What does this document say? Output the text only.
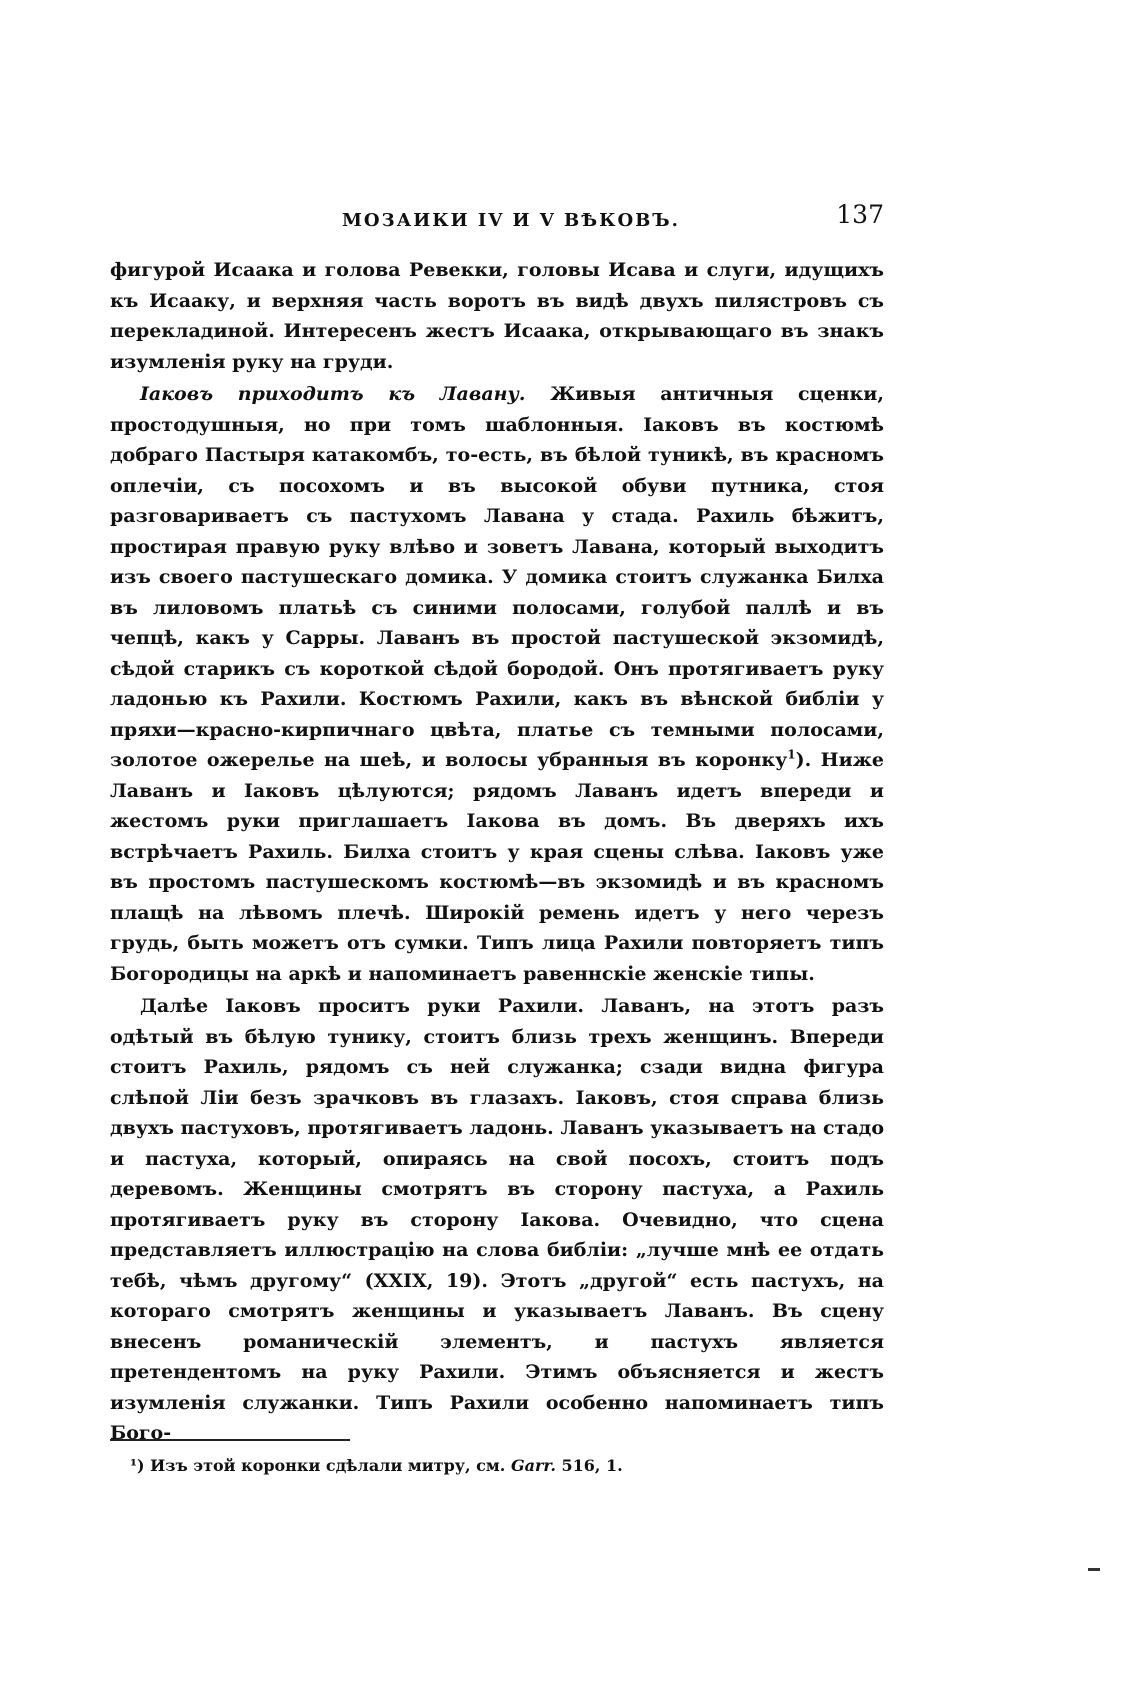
МОЗАИКИ IV И V ВѢКОВЪ.	137

фигурой Исаака и голова Ревекки, головы Исава и слуги, идущихъ къ Исааку, и верхняя часть воротъ въ видѣ двухъ пилястровъ съ перекладиной. Интересенъ жестъ Исаака, открывающаго въ знакъ изумленія руку на груди.

Іаковъ приходитъ къ Лавану. Живыя античныя сценки, простодушныя, но при томъ шаблонныя. Іаковъ въ костюмѣ добраго Пастыря катакомбъ, то-есть, въ бѣлой туникѣ, въ красномъ оплечіи, съ посохомъ и въ высокой обуви путника, стоя разговариваетъ съ пастухомъ Лавана у стада. Рахиль бѣжитъ, простирая правую руку влѣво и зоветъ Лавана, который выходитъ изъ своего пастушескаго домика. У домика стоитъ служанка Билха въ лиловомъ платьѣ съ синими полосами, голубой паллѣ и въ чепцѣ, какъ у Сарры. Лаванъ въ простой пастушеской экзомидѣ, сѣдой старикъ съ короткой сѣдой бородой. Онъ протягиваетъ руку ладонью къ Рахили. Костюмъ Рахили, какъ въ вѣнской библіи у пряхи—красно-кирпичнаго цвѣта, платье съ темными полосами, золотое ожерелье на шеѣ, и волосы убранныя въ коронку$^1$). Ниже Лаванъ и Іаковъ цѣлуются; рядомъ Лаванъ идетъ впереди и жестомъ руки приглашаетъ Іакова въ домъ. Въ дверяхъ ихъ встрѣчаетъ Рахиль. Билха стоитъ у края сцены слѣва. Іаковъ уже въ простомъ пастушескомъ костюмѣ—въ экзомидѣ и въ красномъ плащѣ на лѣвомъ плечѣ. Широкій ремень идетъ у него черезъ грудь, быть можетъ отъ сумки. Типъ лица Рахили повторяетъ типъ Богородицы на аркѣ и напоминаетъ равеннскіе женскіе типы.

Далѣе Іаковъ проситъ руки Рахили. Лаванъ, на этотъ разъ одѣтый въ бѣлую тунику, стоитъ близь трехъ женщинъ. Впереди стоитъ Рахиль, рядомъ съ ней служанка; сзади видна фигура слѣпой Ліи безъ зрачковъ въ глазахъ. Іаковъ, стоя справа близь двухъ пастуховъ, протягиваетъ ладонь. Лаванъ указываетъ на стадо и пастуха, который, опираясь на свой посохъ, стоитъ подъ деревомъ. Женщины смотрятъ въ сторону пастуха, а Рахиль протягиваетъ руку въ сторону Іакова. Очевидно, что сцена представляетъ иллюстрацію на слова библіи: „лучше мнѣ ее отдать тебѣ, чѣмъ другому“ (XXIX, 19). Этотъ „другой“ есть пастухъ, на котораго смотрятъ женщины и указываетъ Лаванъ. Въ сцену внесенъ романическій элементъ, и пастухъ является претендентомъ на руку Рахили. Этимъ объясняется и жестъ изумленія служанки. Типъ Рахили особенно напоминаетъ типъ Бого-

¹) Изъ этой коронки сдѣлали митру, см. Garr. 516, 1.
